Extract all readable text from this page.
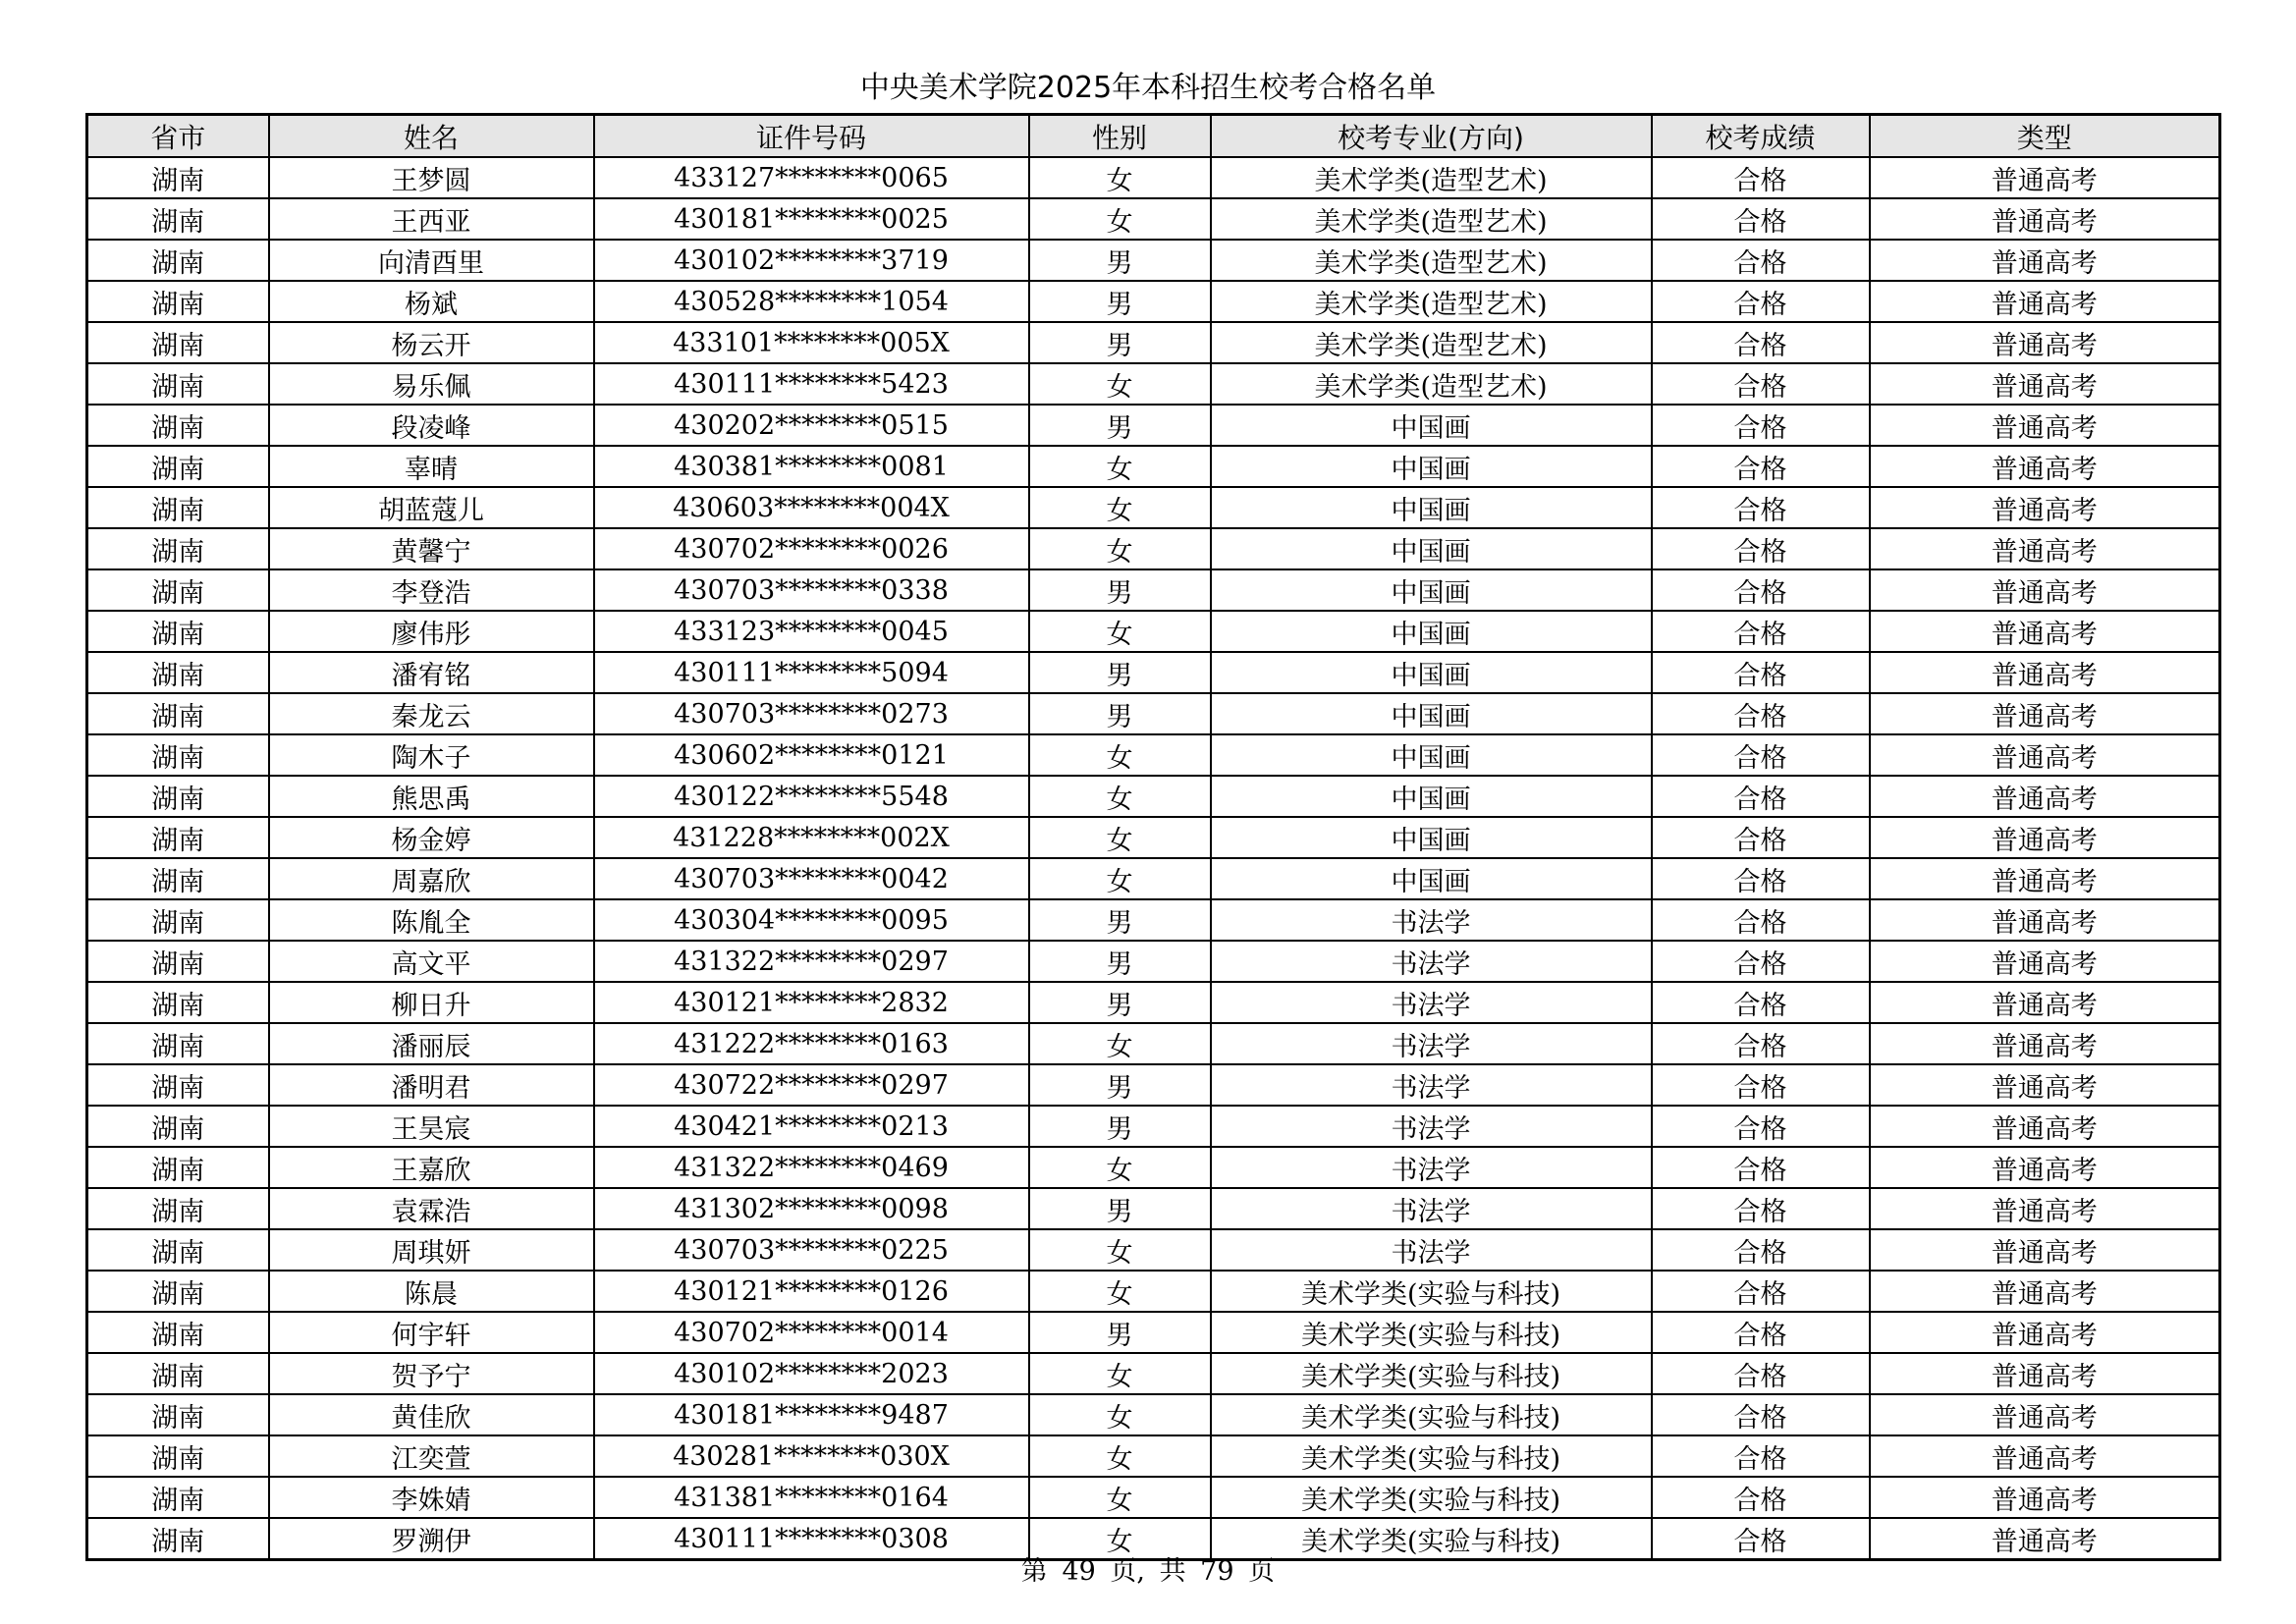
中央美术学院2025年本科招生校考合格名单
省市	姓名	证件号码	性别	校考专业(方向)	校考成绩	类型
湖南	王梦圆	433127********0065	女	美术学类(造型艺术)	合格	普通高考
湖南	王西亚	430181********0025	女	美术学类(造型艺术)	合格	普通高考
湖南	向清酉里	430102********3719	男	美术学类(造型艺术)	合格	普通高考
湖南	杨斌	430528********1054	男	美术学类(造型艺术)	合格	普通高考
湖南	杨云开	433101********005X	男	美术学类(造型艺术)	合格	普通高考
湖南	易乐佩	430111********5423	女	美术学类(造型艺术)	合格	普通高考
湖南	段凌峰	430202********0515	男	中国画	合格	普通高考
湖南	辜晴	430381********0081	女	中国画	合格	普通高考
湖南	胡蓝蔻儿	430603********004X	女	中国画	合格	普通高考
湖南	黄馨宁	430702********0026	女	中国画	合格	普通高考
湖南	李登浩	430703********0338	男	中国画	合格	普通高考
湖南	廖伟彤	433123********0045	女	中国画	合格	普通高考
湖南	潘宥铭	430111********5094	男	中国画	合格	普通高考
湖南	秦龙云	430703********0273	男	中国画	合格	普通高考
湖南	陶木子	430602********0121	女	中国画	合格	普通高考
湖南	熊思禹	430122********5548	女	中国画	合格	普通高考
湖南	杨金婷	431228********002X	女	中国画	合格	普通高考
湖南	周嘉欣	430703********0042	女	中国画	合格	普通高考
湖南	陈胤全	430304********0095	男	书法学	合格	普通高考
湖南	高文平	431322********0297	男	书法学	合格	普通高考
湖南	柳日升	430121********2832	男	书法学	合格	普通高考
湖南	潘丽辰	431222********0163	女	书法学	合格	普通高考
湖南	潘明君	430722********0297	男	书法学	合格	普通高考
湖南	王昊宸	430421********0213	男	书法学	合格	普通高考
湖南	王嘉欣	431322********0469	女	书法学	合格	普通高考
湖南	袁霖浩	431302********0098	男	书法学	合格	普通高考
湖南	周琪妍	430703********0225	女	书法学	合格	普通高考
湖南	陈晨	430121********0126	女	美术学类(实验与科技)	合格	普通高考
湖南	何宇轩	430702********0014	男	美术学类(实验与科技)	合格	普通高考
湖南	贺予宁	430102********2023	女	美术学类(实验与科技)	合格	普通高考
湖南	黄佳欣	430181********9487	女	美术学类(实验与科技)	合格	普通高考
湖南	江奕萱	430281********030X	女	美术学类(实验与科技)	合格	普通高考
湖南	李姝婧	431381********0164	女	美术学类(实验与科技)	合格	普通高考
湖南	罗溯伊	430111********0308	女	美术学类(实验与科技)	合格	普通高考
第 49 页, 共 79 页
